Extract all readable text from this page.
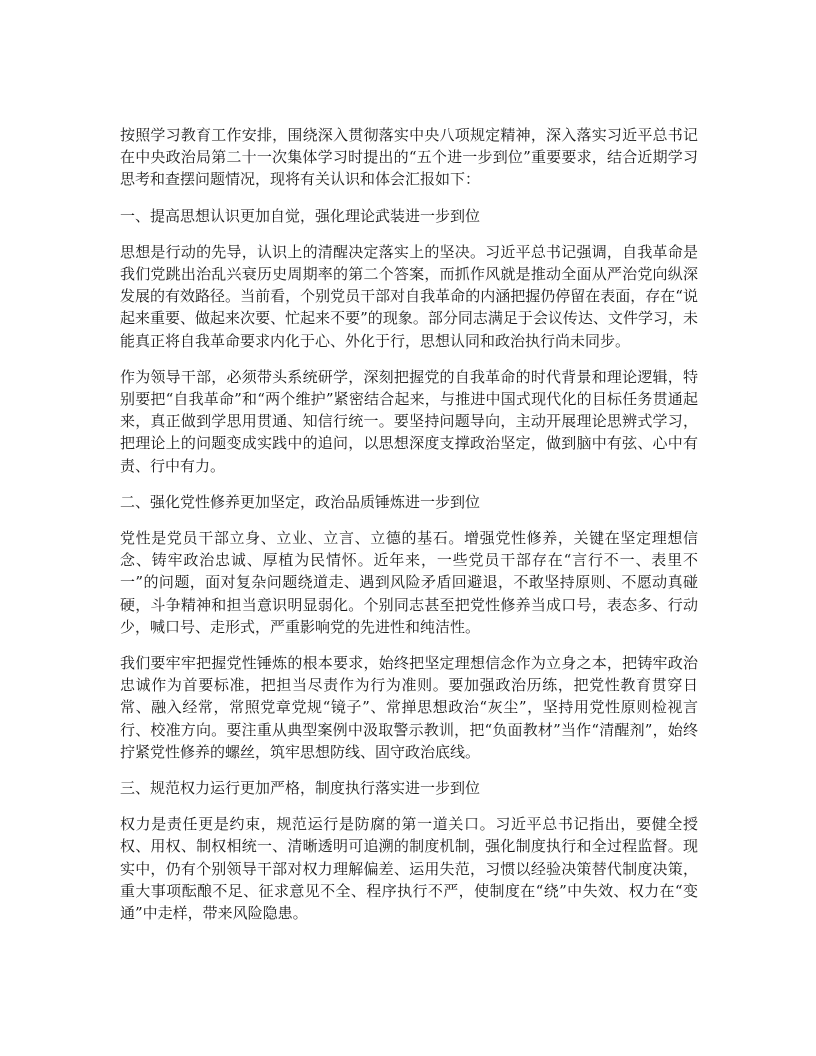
按照学习教育工作安排，围绕深入贯彻落实中央八项规定精神，深入落实习近平总书记在中央政治局第二十一次集体学习时提出的“五个进一步到位”重要要求，结合近期学习思考和查摆问题情况，现将有关认识和体会汇报如下：

一、提高思想认识更加自觉，强化理论武装进一步到位

思想是行动的先导，认识上的清醒决定落实上的坚决。习近平总书记强调，自我革命是我们党跳出治乱兴衰历史周期率的第二个答案，而抓作风就是推动全面从严治党向纵深发展的有效路径。当前看，个别党员干部对自我革命的内涵把握仍停留在表面，存在“说起来重要、做起来次要、忙起来不要”的现象。部分同志满足于会议传达、文件学习，未能真正将自我革命要求内化于心、外化于行，思想认同和政治执行尚未同步。

作为领导干部，必须带头系统研学，深刻把握党的自我革命的时代背景和理论逻辑，特别要把“自我革命”和“两个维护”紧密结合起来，与推进中国式现代化的目标任务贯通起来，真正做到学思用贯通、知信行统一。要坚持问题导向，主动开展理论思辨式学习，把理论上的问题变成实践中的追问，以思想深度支撑政治坚定，做到脑中有弦、心中有责、行中有力。

二、强化党性修养更加坚定，政治品质锤炼进一步到位

党性是党员干部立身、立业、立言、立德的基石。增强党性修养，关键在坚定理想信念、铸牢政治忠诚、厚植为民情怀。近年来，一些党员干部存在“言行不一、表里不一”的问题，面对复杂问题绕道走、遇到风险矛盾回避退，不敢坚持原则、不愿动真碰硬，斗争精神和担当意识明显弱化。个别同志甚至把党性修养当成口号，表态多、行动少，喊口号、走形式，严重影响党的先进性和纯洁性。

我们要牢牢把握党性锤炼的根本要求，始终把坚定理想信念作为立身之本，把铸牢政治忠诚作为首要标准，把担当尽责作为行为准则。要加强政治历练，把党性教育贯穿日常、融入经常，常照党章党规“镜子”、常掸思想政治“灰尘”，坚持用党性原则检视言行、校准方向。要注重从典型案例中汲取警示教训，把“负面教材”当作“清醒剂”，始终拧紧党性修养的螺丝，筑牢思想防线、固守政治底线。

三、规范权力运行更加严格，制度执行落实进一步到位

权力是责任更是约束，规范运行是防腐的第一道关口。习近平总书记指出，要健全授权、用权、制权相统一、清晰透明可追溯的制度机制，强化制度执行和全过程监督。现实中，仍有个别领导干部对权力理解偏差、运用失范，习惯以经验决策替代制度决策，重大事项酝酿不足、征求意见不全、程序执行不严，使制度在“绕”中失效、权力在“变通”中走样，带来风险隐患。
